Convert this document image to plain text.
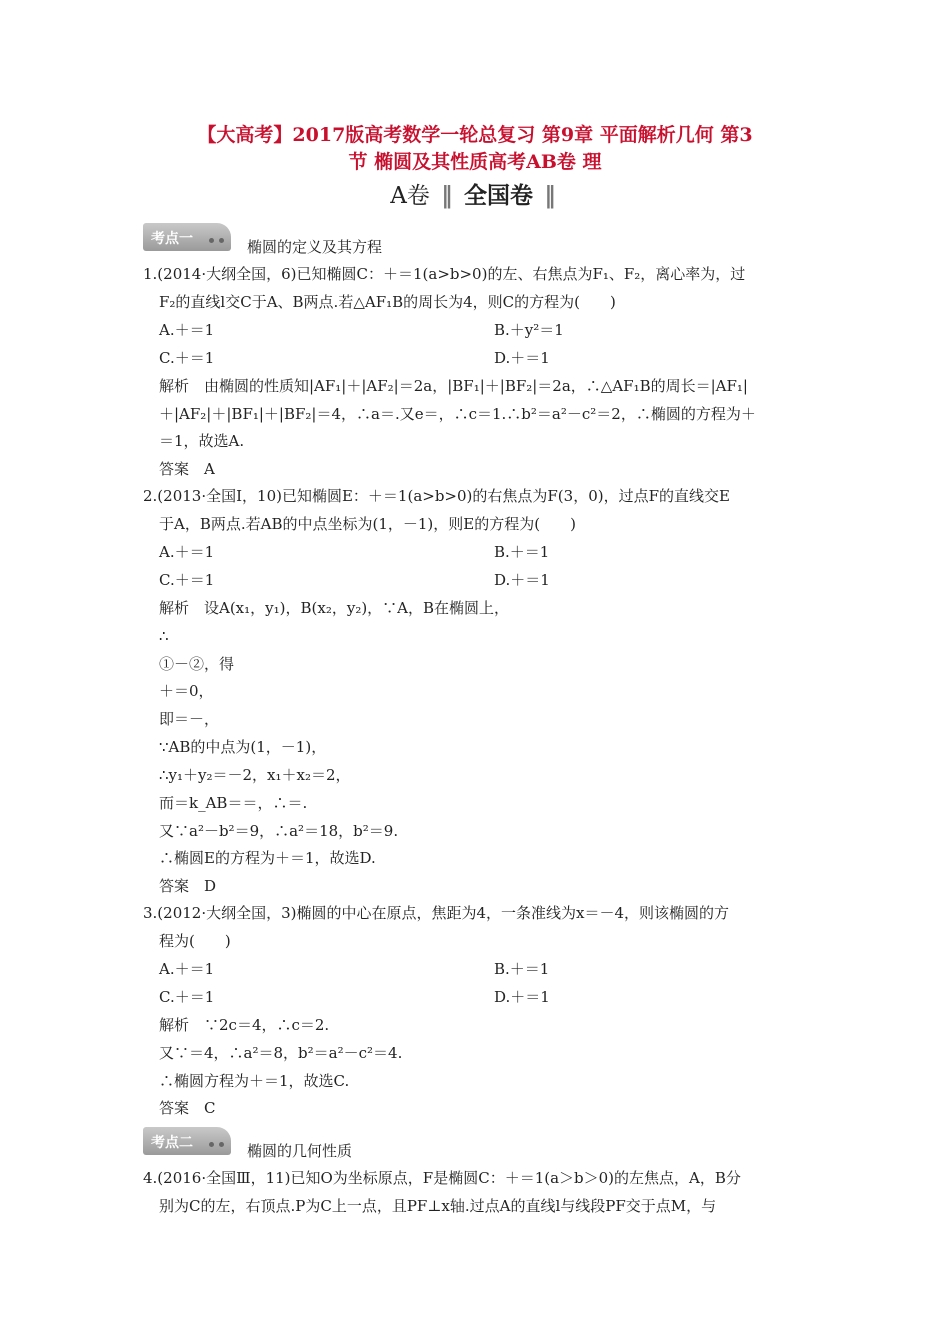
【大高考】2017版高考数学一轮总复习 第9章 平面解析几何 第3
节 椭圆及其性质高考AB卷 理
A卷 ‖ 全国卷 ‖
考点一	椭圆的定义及其方程
考点二	椭圆的几何性质
1.(2014·大纲全国，6)已知椭圆C：＋＝1(a>b>0)的左、右焦点为F₁、F₂，离心率为，过
F₂的直线l交C于A、B两点.若△AF₁B的周长为4，则C的方程为(　　)
A.＋＝1	B.＋y²＝1
C.＋＝1	D.＋＝1
解析　由椭圆的性质知|AF₁|＋|AF₂|＝2a，|BF₁|＋|BF₂|＝2a，∴△AF₁B的周长＝|AF₁|
＋|AF₂|＋|BF₁|＋|BF₂|＝4，∴a＝.又e＝，∴c＝1.∴b²＝a²－c²＝2，∴椭圆的方程为＋
＝1，故选A.
答案　A
2.(2013·全国Ⅰ，10)已知椭圆E：＋＝1(a>b>0)的右焦点为F(3，0)，过点F的直线交E
于A，B两点.若AB的中点坐标为(1，－1)，则E的方程为(　　)
A.＋＝1	B.＋＝1
C.＋＝1	D.＋＝1
解析　设A(x₁，y₁)，B(x₂，y₂)，∵A，B在椭圆上，
∴
①－②，得
＋＝0，
即＝－，
∵AB的中点为(1，－1)，
∴y₁＋y₂＝－2，x₁＋x₂＝2，
而＝k_AB＝＝，∴＝.
又∵a²－b²＝9，∴a²＝18，b²＝9.
∴椭圆E的方程为＋＝1，故选D.
答案　D
3.(2012·大纲全国，3)椭圆的中心在原点，焦距为4，一条准线为x＝－4，则该椭圆的方
程为(　　)
A.＋＝1	B.＋＝1
C.＋＝1	D.＋＝1
解析　∵2c＝4，∴c＝2.
又∵＝4，∴a²＝8，b²＝a²－c²＝4.
∴椭圆方程为＋＝1，故选C.
答案　C
4.(2016·全国Ⅲ，11)已知O为坐标原点，F是椭圆C：＋＝1(a＞b＞0)的左焦点，A，B分
别为C的左，右顶点.P为C上一点，且PF⊥x轴.过点A的直线l与线段PF交于点M，与
